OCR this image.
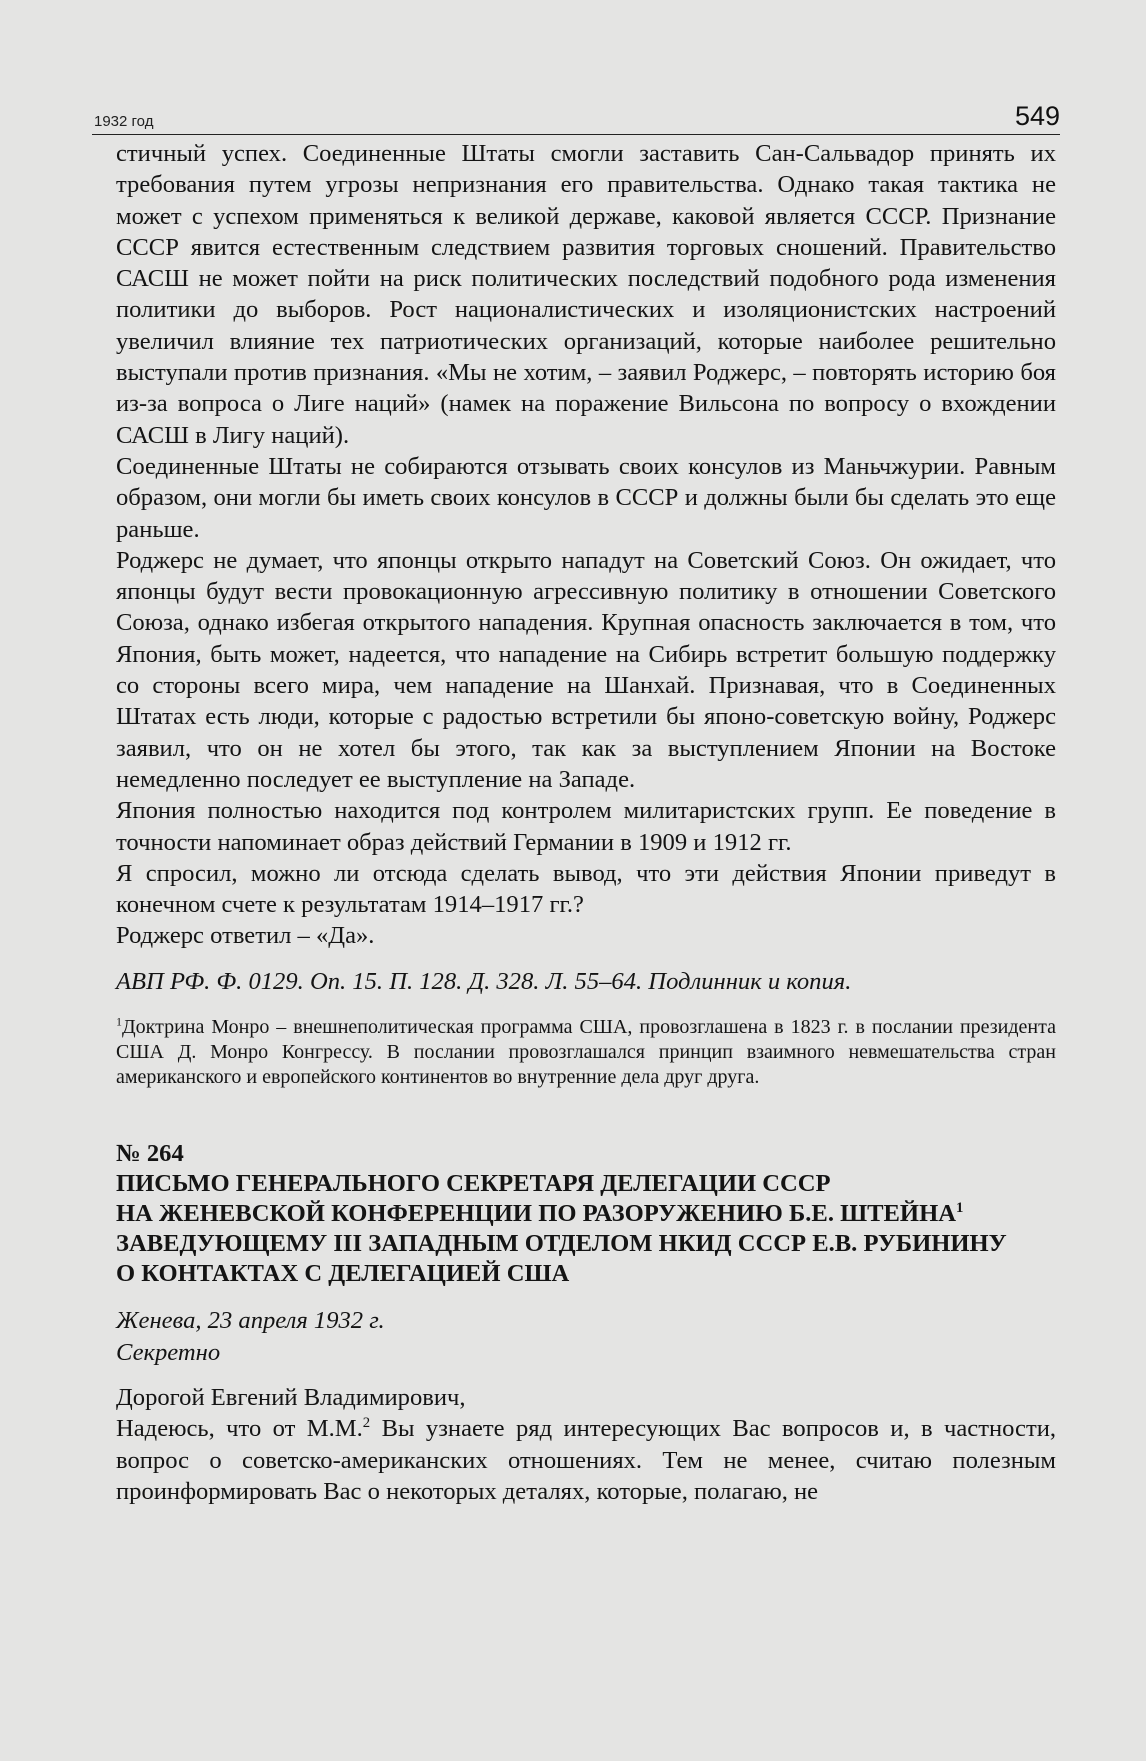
1932 год	549

стичный успех. Соединенные Штаты смогли заставить Сан-Сальвадор принять их требования путем угрозы непризнания его правительства. Однако такая тактика не может с успехом применяться к великой державе, каковой является СССР. Признание СССР явится естественным следствием развития торговых сношений. Правительство САСШ не может пойти на риск политических последствий подобного рода изменения политики до выборов. Рост националистических и изоляционистских настроений увеличил влияние тех патриотических организаций, которые наиболее решительно выступали против признания. «Мы не хотим, – заявил Роджерс, – повторять историю боя из-за вопроса о Лиге наций» (намек на поражение Вильсона по вопросу о вхождении САСШ в Лигу наций).

Соединенные Штаты не собираются отзывать своих консулов из Маньчжурии. Равным образом, они могли бы иметь своих консулов в СССР и должны были бы сделать это еще раньше.

Роджерс не думает, что японцы открыто нападут на Советский Союз. Он ожидает, что японцы будут вести провокационную агрессивную политику в отношении Советского Союза, однако избегая открытого нападения. Крупная опасность заключается в том, что Япония, быть может, надеется, что нападение на Сибирь встретит большую поддержку со стороны всего мира, чем нападение на Шанхай. Признавая, что в Соединенных Штатах есть люди, которые с радостью встретили бы японо-советскую войну, Роджерс заявил, что он не хотел бы этого, так как за выступлением Японии на Востоке немедленно последует ее выступление на Западе.

Япония полностью находится под контролем милитаристских групп. Ее поведение в точности напоминает образ действий Германии в 1909 и 1912 гг.

Я спросил, можно ли отсюда сделать вывод, что эти действия Японии приведут в конечном счете к результатам 1914–1917 гг.?

Роджерс ответил – «Да».

АВП РФ. Ф. 0129. Оп. 15. П. 128. Д. 328. Л. 55–64. Подлинник и копия.

$^1$Доктрина Монро – внешнеполитическая программа США, провозглашена в 1823 г. в послании президента США Д. Монро Конгрессу. В послании провозглашался принцип взаимного невмешательства стран американского и европейского континентов во внутренние дела друг друга.

№ 264

ПИСЬМО ГЕНЕРАЛЬНОГО СЕКРЕТАРЯ ДЕЛЕГАЦИИ СССР
НА ЖЕНЕВСКОЙ КОНФЕРЕНЦИИ ПО РАЗОРУЖЕНИЮ Б.Е. ШТЕЙНА$^1$
ЗАВЕДУЮЩЕМУ III ЗАПАДНЫМ ОТДЕЛОМ НКИД СССР Е.В. РУБИНИНУ
О КОНТАКТАХ С ДЕЛЕГАЦИЕЙ США

Женева, 23 апреля 1932 г.

Секретно

Дорогой Евгений Владимирович,

Надеюсь, что от М.М.$^2$ Вы узнаете ряд интересующих Вас вопросов и, в частности, вопрос о советско-американских отношениях. Тем не менее, считаю полезным проинформировать Вас о некоторых деталях, которые, полагаю, не
